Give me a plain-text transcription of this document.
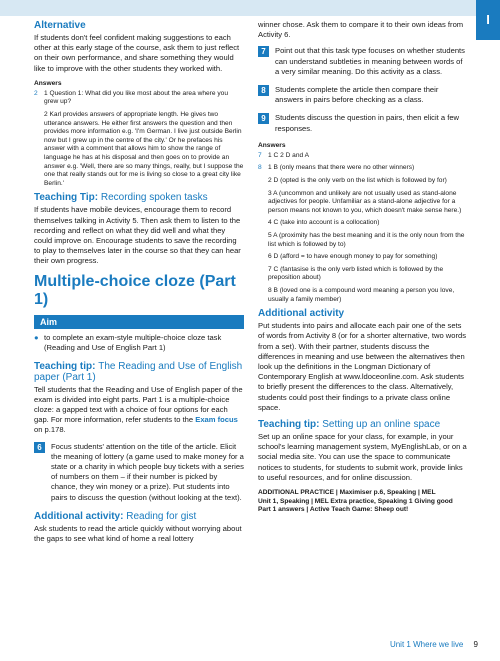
I
Alternative

If students don't feel confident making suggestions to each other at this early stage of the course, ask them to just reflect on their own performance, and share something they would like to improve with the other students they worked with.

Answers
2 1 Question 1: What did you like most about the area where you grew up?
2 Karl provides answers of appropriate length. He gives two utterance answers. He either first answers the question and then provides more information e.g. 'I'm German. I live just outside Berlin now but I grew up in the centre of the city.' Or he prefaces his answer with a comment that allows him to show the range of language he has at his disposal and then goes on to provide an answer e.g. 'Well, there are so many things, really, but I suppose the one that really stands out for me is living so close to a great city like Berlin.'
Teaching Tip: Recording spoken tasks

If students have mobile devices, encourage them to record themselves talking in Activity 5. Then ask them to listen to the recording and reflect on what they did well and what they could improve on. Encourage students to save the recording to play to themselves later in the course so that they can hear their own progress.

Multiple-choice cloze (Part 1)
Aim
● to complete an exam-style multiple-choice cloze task (Reading and Use of English Part 1)
Teaching tip: The Reading and Use of English paper (Part 1)

Tell students that the Reading and Use of English paper of the exam is divided into eight parts. Part 1 is a multiple-choice cloze: a gapped text with a choice of four options for each gap. For more information, refer students to the Exam focus on p.178.

6	Focus students' attention on the title of the article. Elicit the meaning of lottery (a game used to make money for a state or a charity in which people buy tickets with a series of numbers on them – if their number is picked by chance, they win money or a prize). Put students into pairs to discuss the question (without looking at the text).
Additional activity: Reading for gist

Ask students to read the article quickly without worrying about the gaps to see what kind of home a real lottery

winner chose. Ask them to compare it to their own ideas from Activity 6.

7	Point out that this task type focuses on whether students can understand subtleties in meaning between words of a very similar meaning. Do this activity as a class.
8	Students complete the article then compare their answers in pairs before checking as a class.
9	Students discuss the question in pairs, then elicit a few responses.
Answers
7 1 C 2 D and A
8 1 B (only means that there were no other winners)
2 D (opted is the only verb on the list which is followed by for)
3 A (uncommon and unlikely are not usually used as stand-alone adjectives for people. Unfamiliar as a stand-alone adjective for a person means not known to you, which doesn't make sense here.)
4 C (take into account is a collocation)
5 A (proximity has the best meaning and it is the only noun from the list which is followed by to)
6 D (afford = to have enough money to pay for something)
7 C (fantasise is the only verb listed which is followed by the preposition about)
8 B (loved one is a compound word meaning a person you love, usually a family member)
Additional activity

Put students into pairs and allocate each pair one of the sets of words from Activity 8 (or for a shorter alternative, two words from a set). With their partner, students discuss the differences in meaning and use between the alternatives then look up the definitions in the Longman Dictionary of Contemporary English at www.ldoceonline.com. Ask students to briefly present the differences to the class. Alternatively, students could post their findings to a private class online space.

Teaching tip: Setting up an online space

Set up an online space for your class, for example, in your school's learning management system, MyEnglishLab, or on a social media site. You can use the space to communicate notices to students, for students to submit work, provide links to useful resources, and for online discussion.

ADDITIONAL PRACTICE | Maximiser p.6, Speaking | MEL
Unit 1, Speaking | MEL Extra practice, Speaking 1 Giving good
Part 1 answers | Active Teach Game: Sheep out!
Unit 1 Where we live 9
